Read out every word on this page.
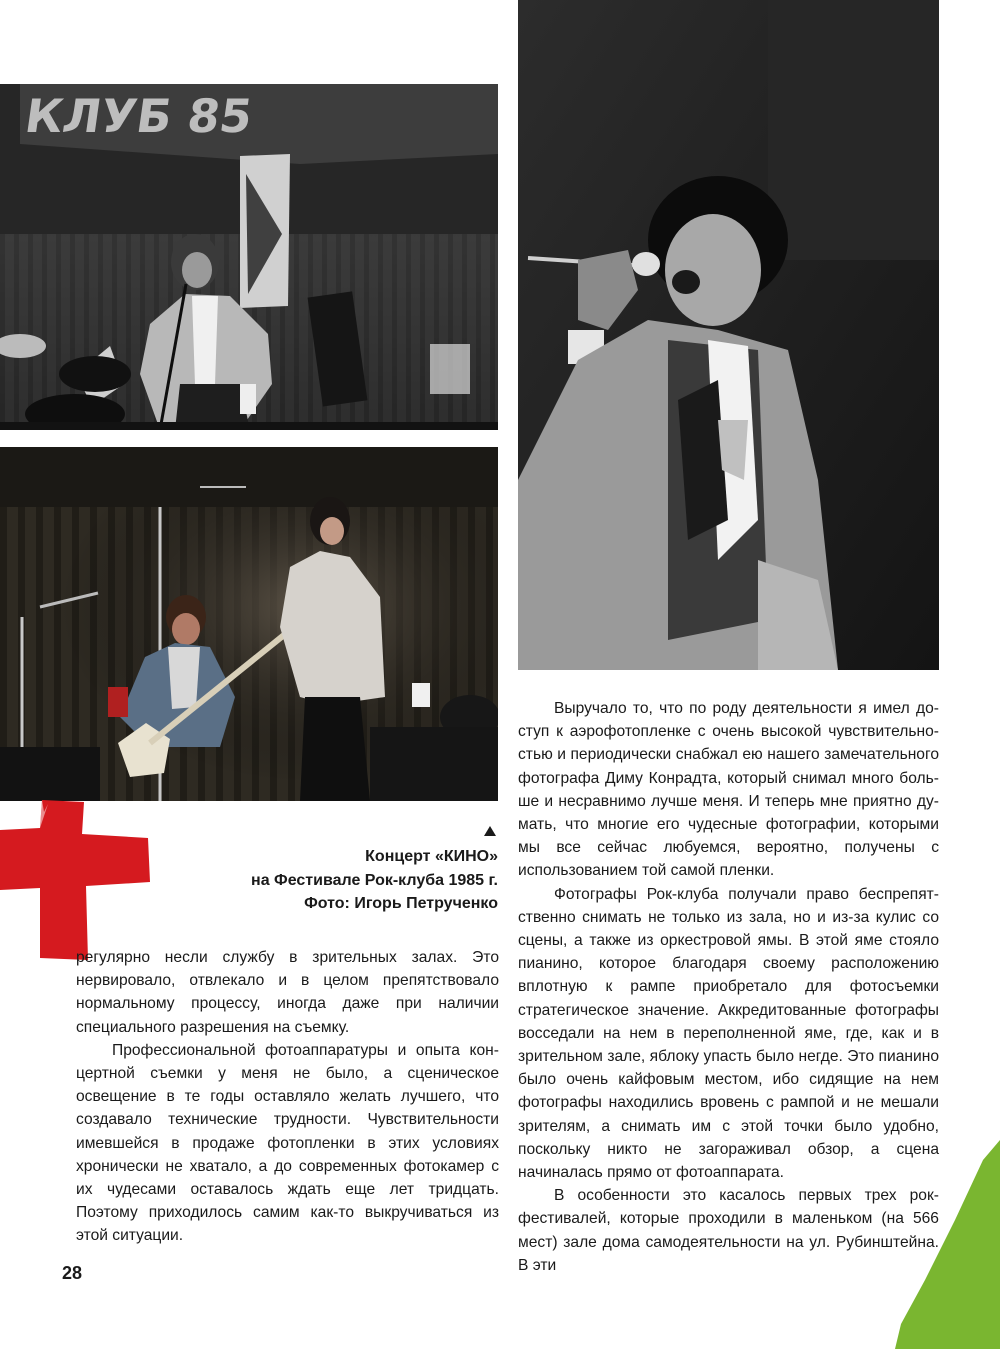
КЛУБ 85
Концерт «КИНО»
на Фестивале Рок-клуба 1985 г.
Фото: Игорь Петрученко

регулярно несли службу в зрительных залах. Это нервировало, отвлекало и в целом препятствовало нормальному процессу, иногда даже при наличии специального разрешения на съемку.

Профессиональной фотоаппаратуры и опыта концертной съемки у меня не было, а сценическое освещение в те годы оставляло желать лучшего, что создавало технические трудности. Чувствительности имевшейся в продаже фотопленки в этих условиях хронически не хватало, а до современных фотокамер с их чудесами оставалось ждать еще лет тридцать. Поэтому приходилось самим как-то выкручиваться из этой ситуации.

Выручало то, что по роду деятельности я имел доступ к аэрофотопленке с очень высокой чувствительностью и периодически снабжал ею нашего замечательного фотографа Диму Конрадта, который снимал много больше и несравнимо лучше меня. И теперь мне приятно думать, что многие его чудесные фотографии, которыми мы все сейчас любуемся, вероятно, получены с использованием той самой пленки.

Фотографы Рок-клуба получали право беспрепятственно снимать не только из зала, но и из-за кулис со сцены, а также из оркестровой ямы. В этой яме стояло пианино, которое благодаря своему расположению вплотную к рампе приобретало для фотосъемки стратегическое значение. Аккредитованные фотографы восседали на нем в переполненной яме, где, как и в зрительном зале, яблоку упасть было негде. Это пианино было очень кайфовым местом, ибо сидящие на нем фотографы находились вровень с рампой и не мешали зрителям, а снимать им с этой точки было удобно, поскольку никто не загораживал обзор, а сцена начиналась прямо от фотоаппарата.

В особенности это касалось первых трех рок-фестивалей, которые проходили в маленьком (на 566 мест) зале дома самодеятельности на ул. Рубинштейна. В эти

28
